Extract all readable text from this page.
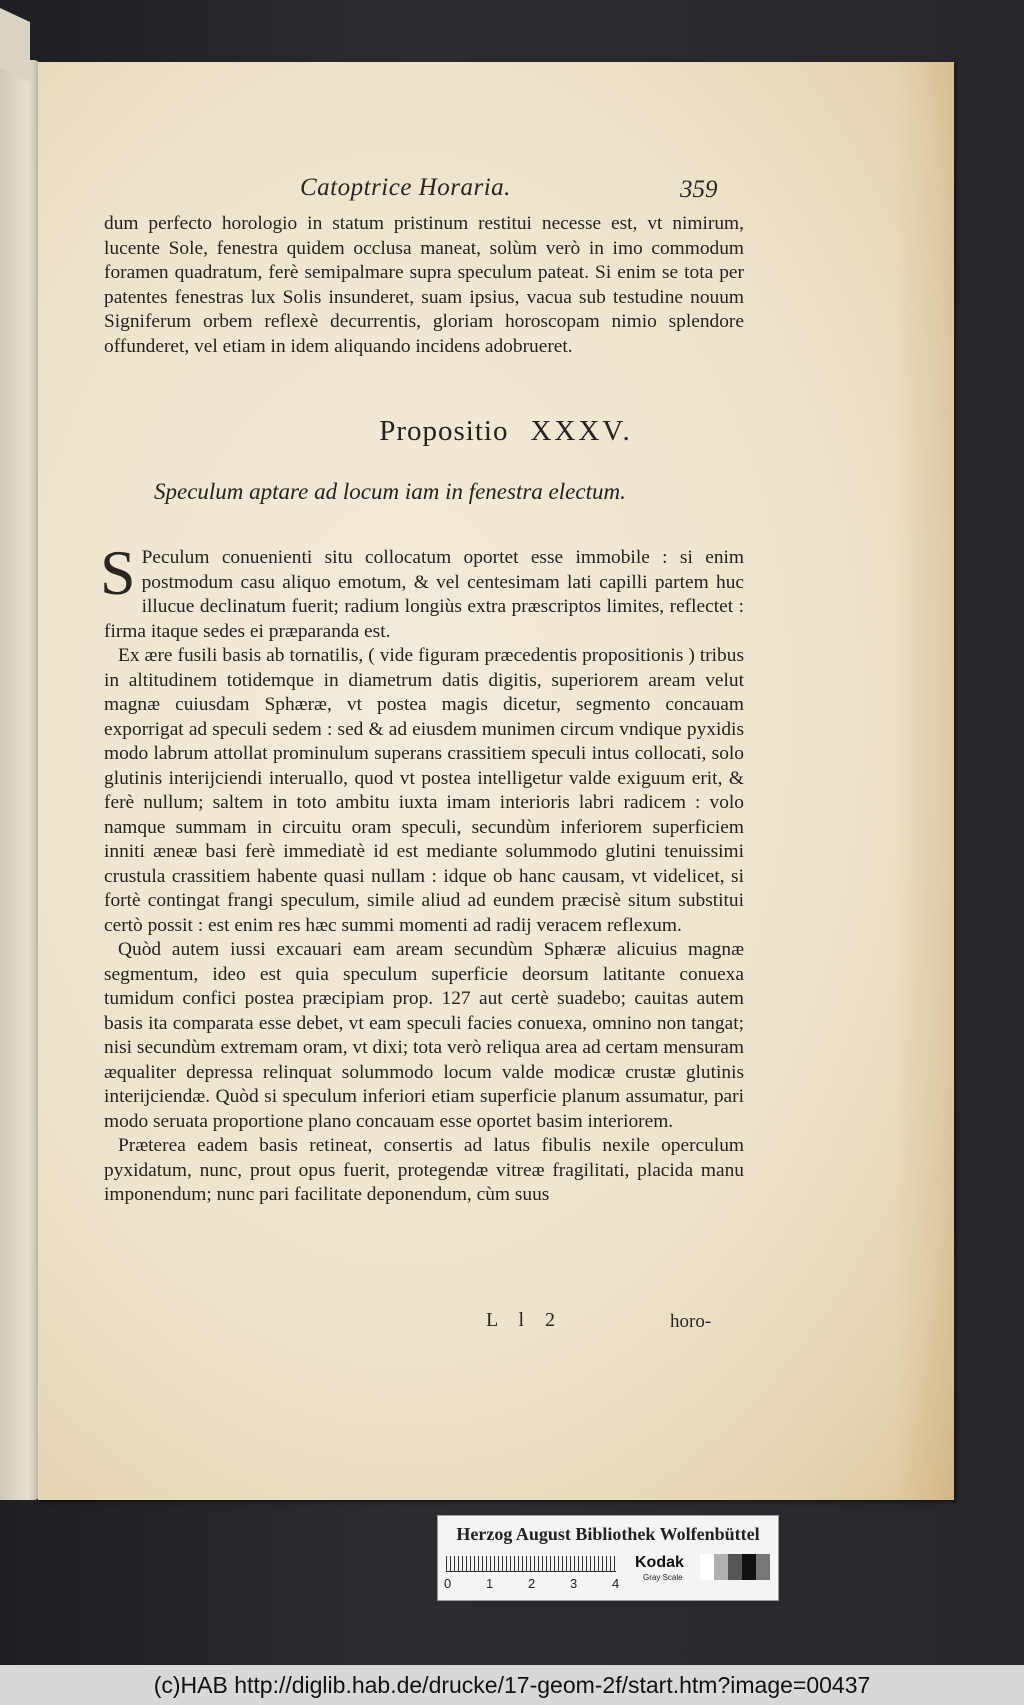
Catoptrice Horaria.	359

dum perfecto horologio in statum pristinum restitui necesse est, vt nimirum, lucente Sole, fenestra quidem occlusa maneat, solùm verò in imo commodum foramen quadratum, ferè semipalmare supra speculum pateat. Si enim se tota per patentes fenestras lux Solis insunderet, suam ipsius, vacua sub testudine nouum Signiferum orbem reflexè decurrentis, gloriam horoscopam nimio splendore offunderet, vel etiam in idem aliquando incidens adobrueret.

Propositio XXXV.
Speculum aptare ad locum iam in fenestra electum.

S Peculum conuenienti situ collocatum oportet esse immobile : si enim postmodum casu aliquo emotum, & vel centesimam lati capilli partem huc illucue declinatum fuerit; radium longiùs extra præscriptos limites, reflectet : firma itaque sedes ei præparanda est.

Ex ære fusili basis ab tornatilis, ( vide figuram præcedentis propositionis ) tribus in altitudinem totidemque in diametrum datis digitis, superiorem aream velut magnæ cuiusdam Sphæræ, vt postea magis dicetur, segmento concauam exporrigat ad speculi sedem : sed & ad eiusdem munimen circum vndique pyxidis modo labrum attollat prominulum superans crassitiem speculi intus collocati, solo glutinis interijciendi interuallo, quod vt postea intelligetur valde exiguum erit, & ferè nullum; saltem in toto ambitu iuxta imam interioris labri radicem : volo namque summam in circuitu oram speculi, secundùm inferiorem superficiem inniti æneæ basi ferè immediatè id est mediante solummodo glutini tenuissimi crustula crassitiem habente quasi nullam : idque ob hanc causam, vt videlicet, si fortè contingat frangi speculum, simile aliud ad eundem præcisè situm substitui certò possit : est enim res hæc summi momenti ad radij veracem reflexum.

Quòd autem iussi excauari eam aream secundùm Sphæræ alicuius magnæ segmentum, ideo est quia speculum superficie deorsum latitante conuexa tumidum confici postea præcipiam prop. 127 aut certè suadebo; cauitas autem basis ita comparata esse debet, vt eam speculi facies conuexa, omnino non tangat; nisi secundùm extremam oram, vt dixi; tota verò reliqua area ad certam mensuram æqualiter depressa relinquat solummodo locum valde modicæ crustæ glutinis interijciendæ. Quòd si speculum inferiori etiam superficie planum assumatur, pari modo seruata proportione plano concauam esse oportet basim interiorem.

Præterea eadem basis retineat, consertis ad latus fibulis nexile operculum pyxidatum, nunc, prout opus fuerit, protegendæ vitreæ fragilitati, placida manu imponendum; nunc pari facilitate deponendum, cùm suus

L l 2	horo-
Herzog August Bibliothek Wolfenbüttel
0	1	2	3	4
Kodak
Gray Scale
(c)HAB http://diglib.hab.de/drucke/17-geom-2f/start.htm?image=00437
